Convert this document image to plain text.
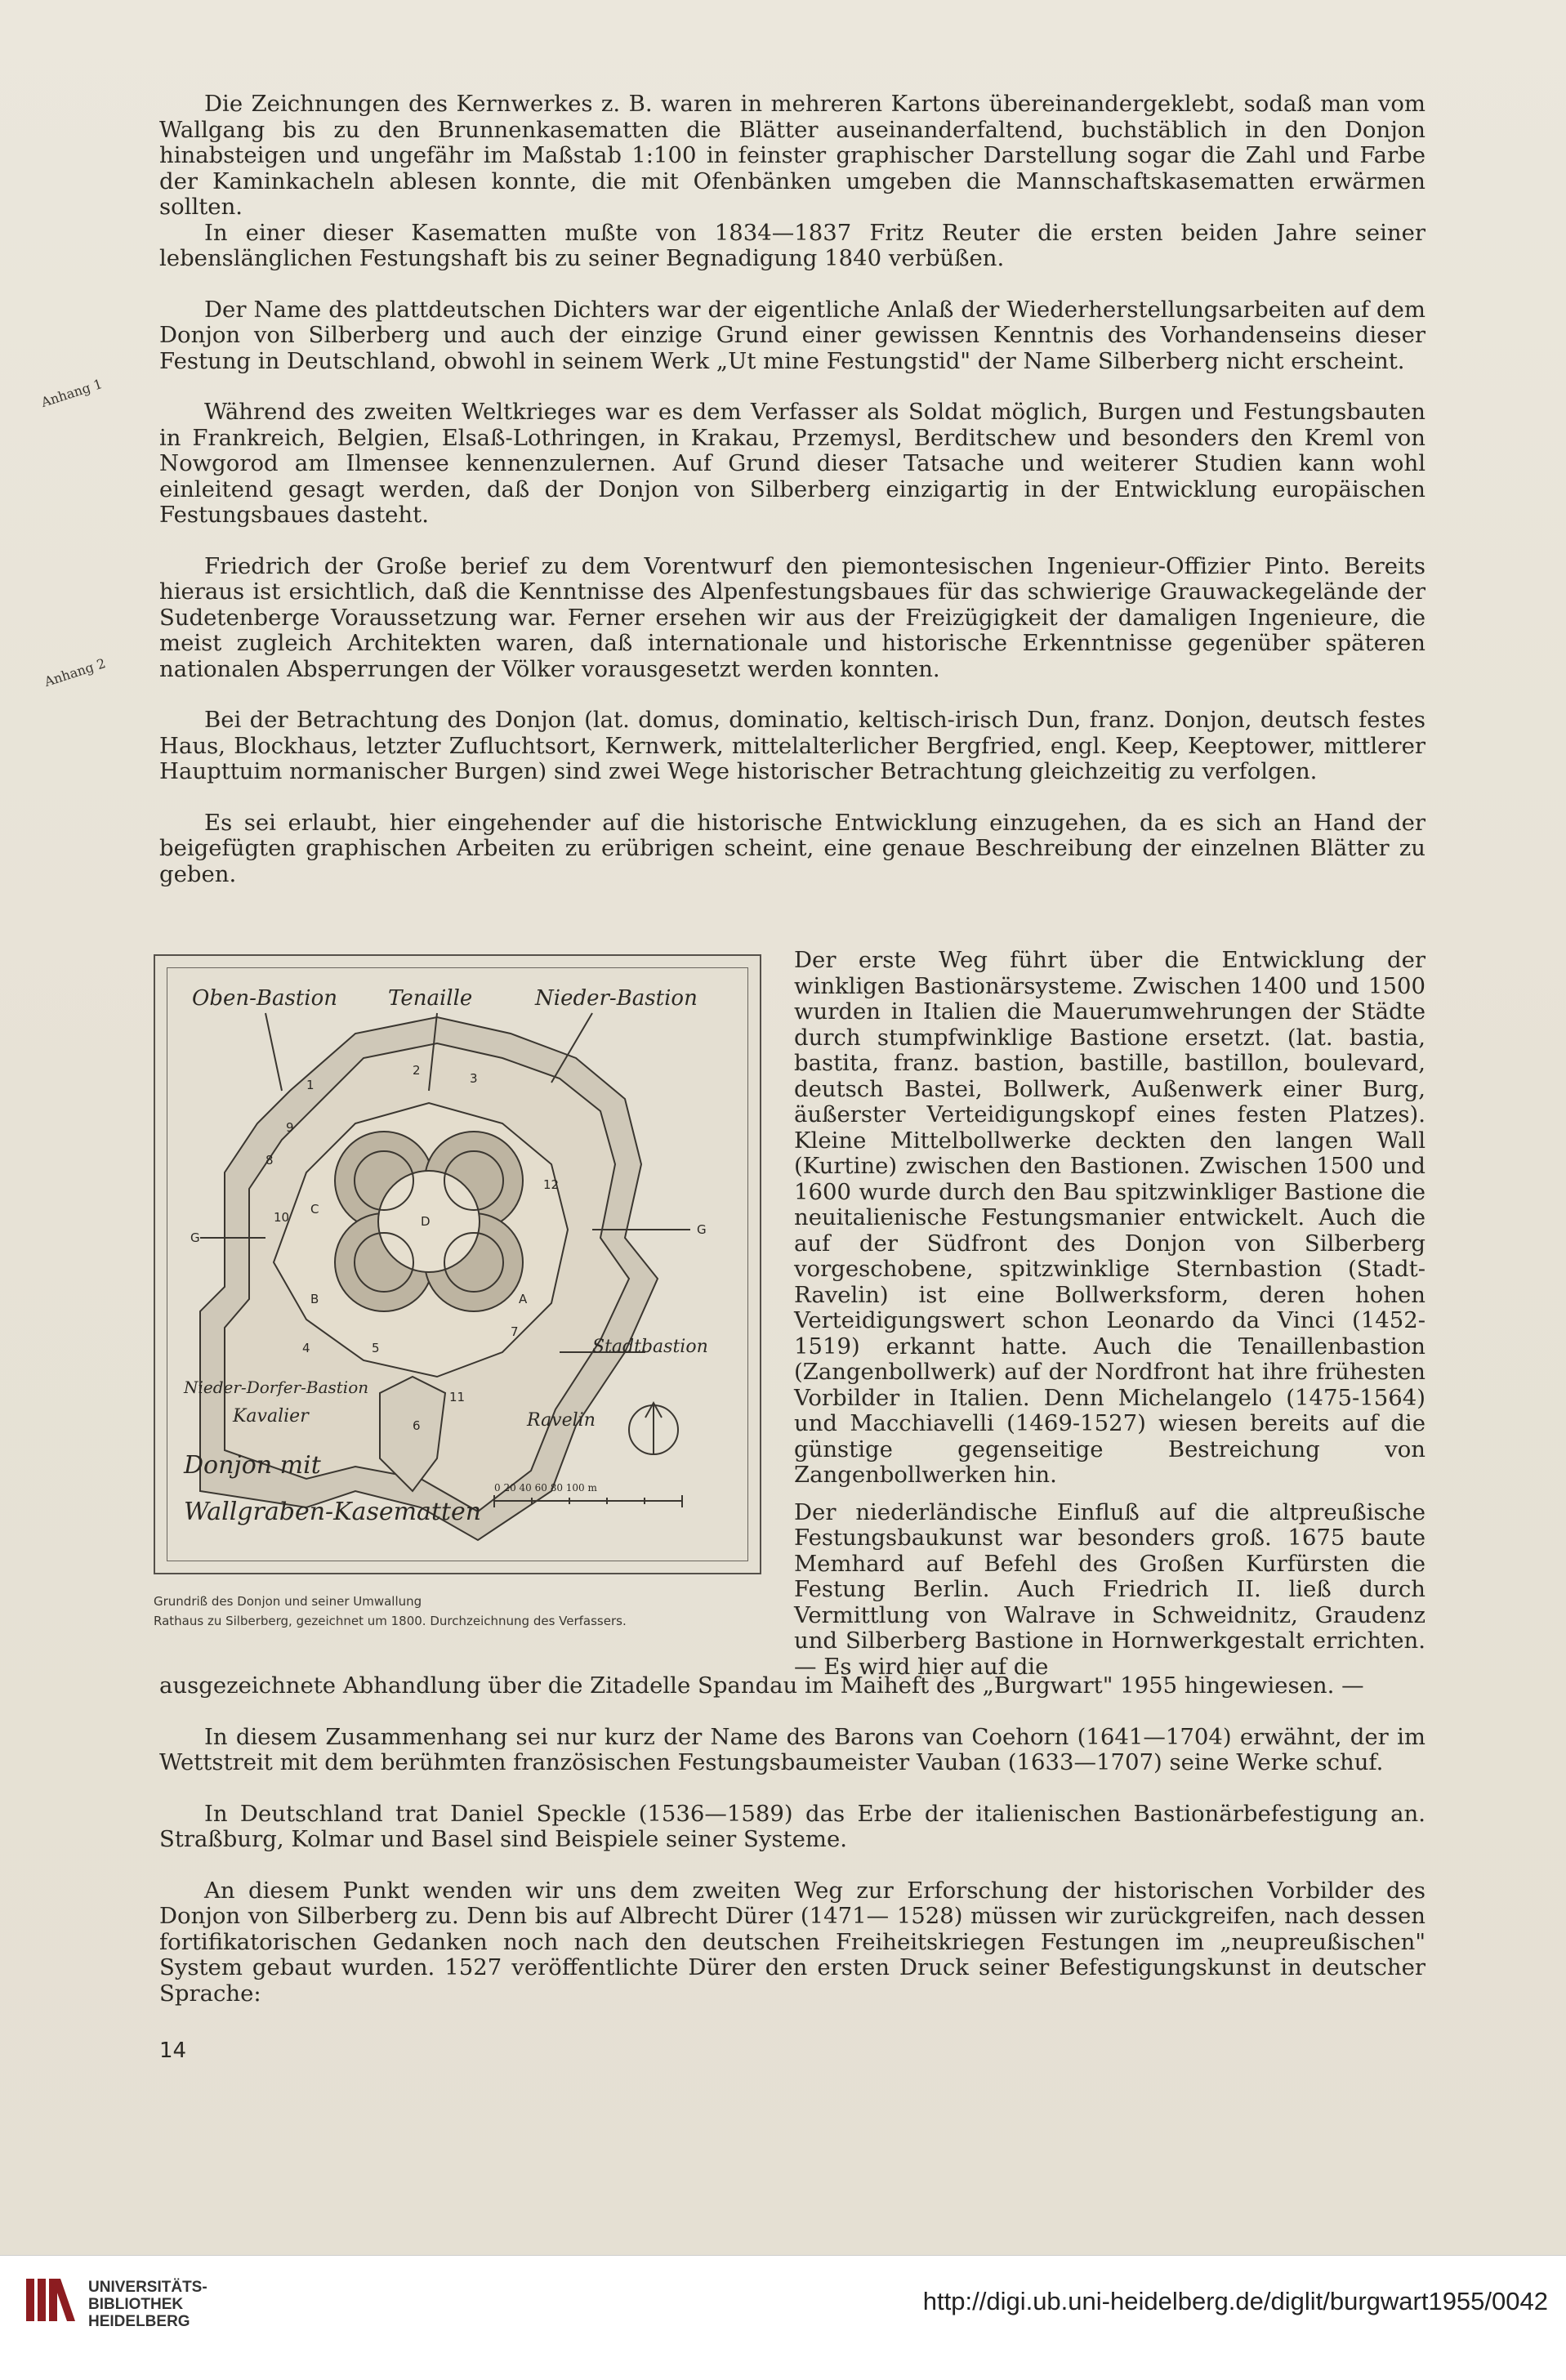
Die Zeichnungen des Kernwerkes z. B. waren in mehreren Kartons übereinandergeklebt, sodaß man vom Wallgang bis zu den Brunnenkasematten die Blätter auseinanderfaltend, buchstäblich in den Donjon hinabsteigen und ungefähr im Maßstab 1:100 in feinster graphischer Darstellung sogar die Zahl und Farbe der Kaminkacheln ablesen konnte, die mit Ofenbänken umgeben die Mannschaftskasematten erwärmen sollten.

In einer dieser Kasematten mußte von 1834—1837 Fritz Reuter die ersten beiden Jahre seiner lebenslänglichen Festungshaft bis zu seiner Begnadigung 1840 verbüßen.

Der Name des plattdeutschen Dichters war der eigentliche Anlaß der Wiederherstellungsarbeiten auf dem Donjon von Silberberg und auch der einzige Grund einer gewissen Kenntnis des Vorhandenseins dieser Festung in Deutschland, obwohl in seinem Werk „Ut mine Festungstid" der Name Silberberg nicht erscheint.

Während des zweiten Weltkrieges war es dem Verfasser als Soldat möglich, Burgen und Festungsbauten in Frankreich, Belgien, Elsaß-Lothringen, in Krakau, Przemysl, Berditschew und besonders den Kreml von Nowgorod am Ilmensee kennenzulernen. Auf Grund dieser Tatsache und weiterer Studien kann wohl einleitend gesagt werden, daß der Donjon von Silberberg einzigartig in der Entwicklung europäischen Festungsbaues dasteht.

Friedrich der Große berief zu dem Vorentwurf den piemontesischen Ingenieur-Offizier Pinto. Bereits hieraus ist ersichtlich, daß die Kenntnisse des Alpenfestungsbaues für das schwierige Grauwackegelände der Sudetenberge Voraussetzung war. Ferner ersehen wir aus der Freizügigkeit der damaligen Ingenieure, die meist zugleich Architekten waren, daß internationale und historische Erkenntnisse gegenüber späteren nationalen Absperrungen der Völker vorausgesetzt werden konnten.

Bei der Betrachtung des Donjon (lat. domus, dominatio, keltisch-irisch Dun, franz. Donjon, deutsch festes Haus, Blockhaus, letzter Zufluchtsort, Kernwerk, mittelalterlicher Bergfried, engl. Keep, Keeptower, mittlerer Haupttuim normanischer Burgen) sind zwei Wege historischer Betrachtung gleichzeitig zu verfolgen.

Es sei erlaubt, hier eingehender auf die historische Entwicklung einzugehen, da es sich an Hand der beigefügten graphischen Arbeiten zu erübrigen scheint, eine genaue Beschreibung der einzelnen Blätter zu geben.

Anhang 1
Anhang 2
Oben-Bastion Tenaille	Nieder-Bastion
Stadtbastion
Nieder-Dorfer-Bastion
Kavalier	Ravelin
Donjon mit
Wallgraben-Kasematten
0 20 40 60 80 100 m
1
2
3
4	5
6
7
8
9
10
11
12
D
A
B
C
G
G
Grundriß des Donjon und seiner Umwallung
Rathaus zu Silberberg, gezeichnet um 1800. Durchzeichnung des Verfassers.

Der erste Weg führt über die Entwicklung der winkligen Bastionärsysteme. Zwischen 1400 und 1500 wurden in Italien die Mauerumwehrungen der Städte durch stumpfwinklige Bastione ersetzt. (lat. bastia, bastita, franz. bastion, bastille, bastillon, boulevard, deutsch Bastei, Bollwerk, Außenwerk einer Burg, äußerster Verteidigungskopf eines festen Platzes). Kleine Mittelbollwerke deckten den langen Wall (Kurtine) zwischen den Bastionen. Zwischen 1500 und 1600 wurde durch den Bau spitzwinkliger Bastione die neuitalienische Festungsmanier entwickelt. Auch die auf der Südfront des Donjon von Silberberg vorgeschobene, spitzwinklige Sternbastion (Stadt-Ravelin) ist eine Bollwerksform, deren hohen Verteidigungswert schon Leonardo da Vinci (1452-1519) erkannt hatte. Auch die Tenaillenbastion (Zangenbollwerk) auf der Nordfront hat ihre frühesten Vorbilder in Italien. Denn Michelangelo (1475-1564) und Macchiavelli (1469-1527) wiesen bereits auf die günstige gegenseitige Bestreichung von Zangenbollwerken hin.

Der niederländische Einfluß auf die altpreußische Festungsbaukunst war besonders groß. 1675 baute Memhard auf Befehl des Großen Kurfürsten die Festung Berlin. Auch Friedrich II. ließ durch Vermittlung von Walrave in Schweidnitz, Graudenz und Silberberg Bastione in Hornwerkgestalt errichten. — Es wird hier auf die

ausgezeichnete Abhandlung über die Zitadelle Spandau im Maiheft des „Burgwart" 1955 hingewiesen. —

In diesem Zusammenhang sei nur kurz der Name des Barons van Coehorn (1641—1704) erwähnt, der im Wettstreit mit dem berühmten französischen Festungsbaumeister Vauban (1633—1707) seine Werke schuf.

In Deutschland trat Daniel Speckle (1536—1589) das Erbe der italienischen Bastionärbefestigung an. Straßburg, Kolmar und Basel sind Beispiele seiner Systeme.

An diesem Punkt wenden wir uns dem zweiten Weg zur Erforschung der historischen Vorbilder des Donjon von Silberberg zu. Denn bis auf Albrecht Dürer (1471— 1528) müssen wir zurückgreifen, nach dessen fortifikatorischen Gedanken noch nach den deutschen Freiheitskriegen Festungen im „neupreußischen" System gebaut wurden. 1527 veröffentlichte Dürer den ersten Druck seiner Befestigungskunst in deutscher Sprache:

14
UNIVERSITÄTS-
BIBLIOTHEK
HEIDELBERG
http://digi.ub.uni-heidelberg.de/diglit/burgwart1955/0042
